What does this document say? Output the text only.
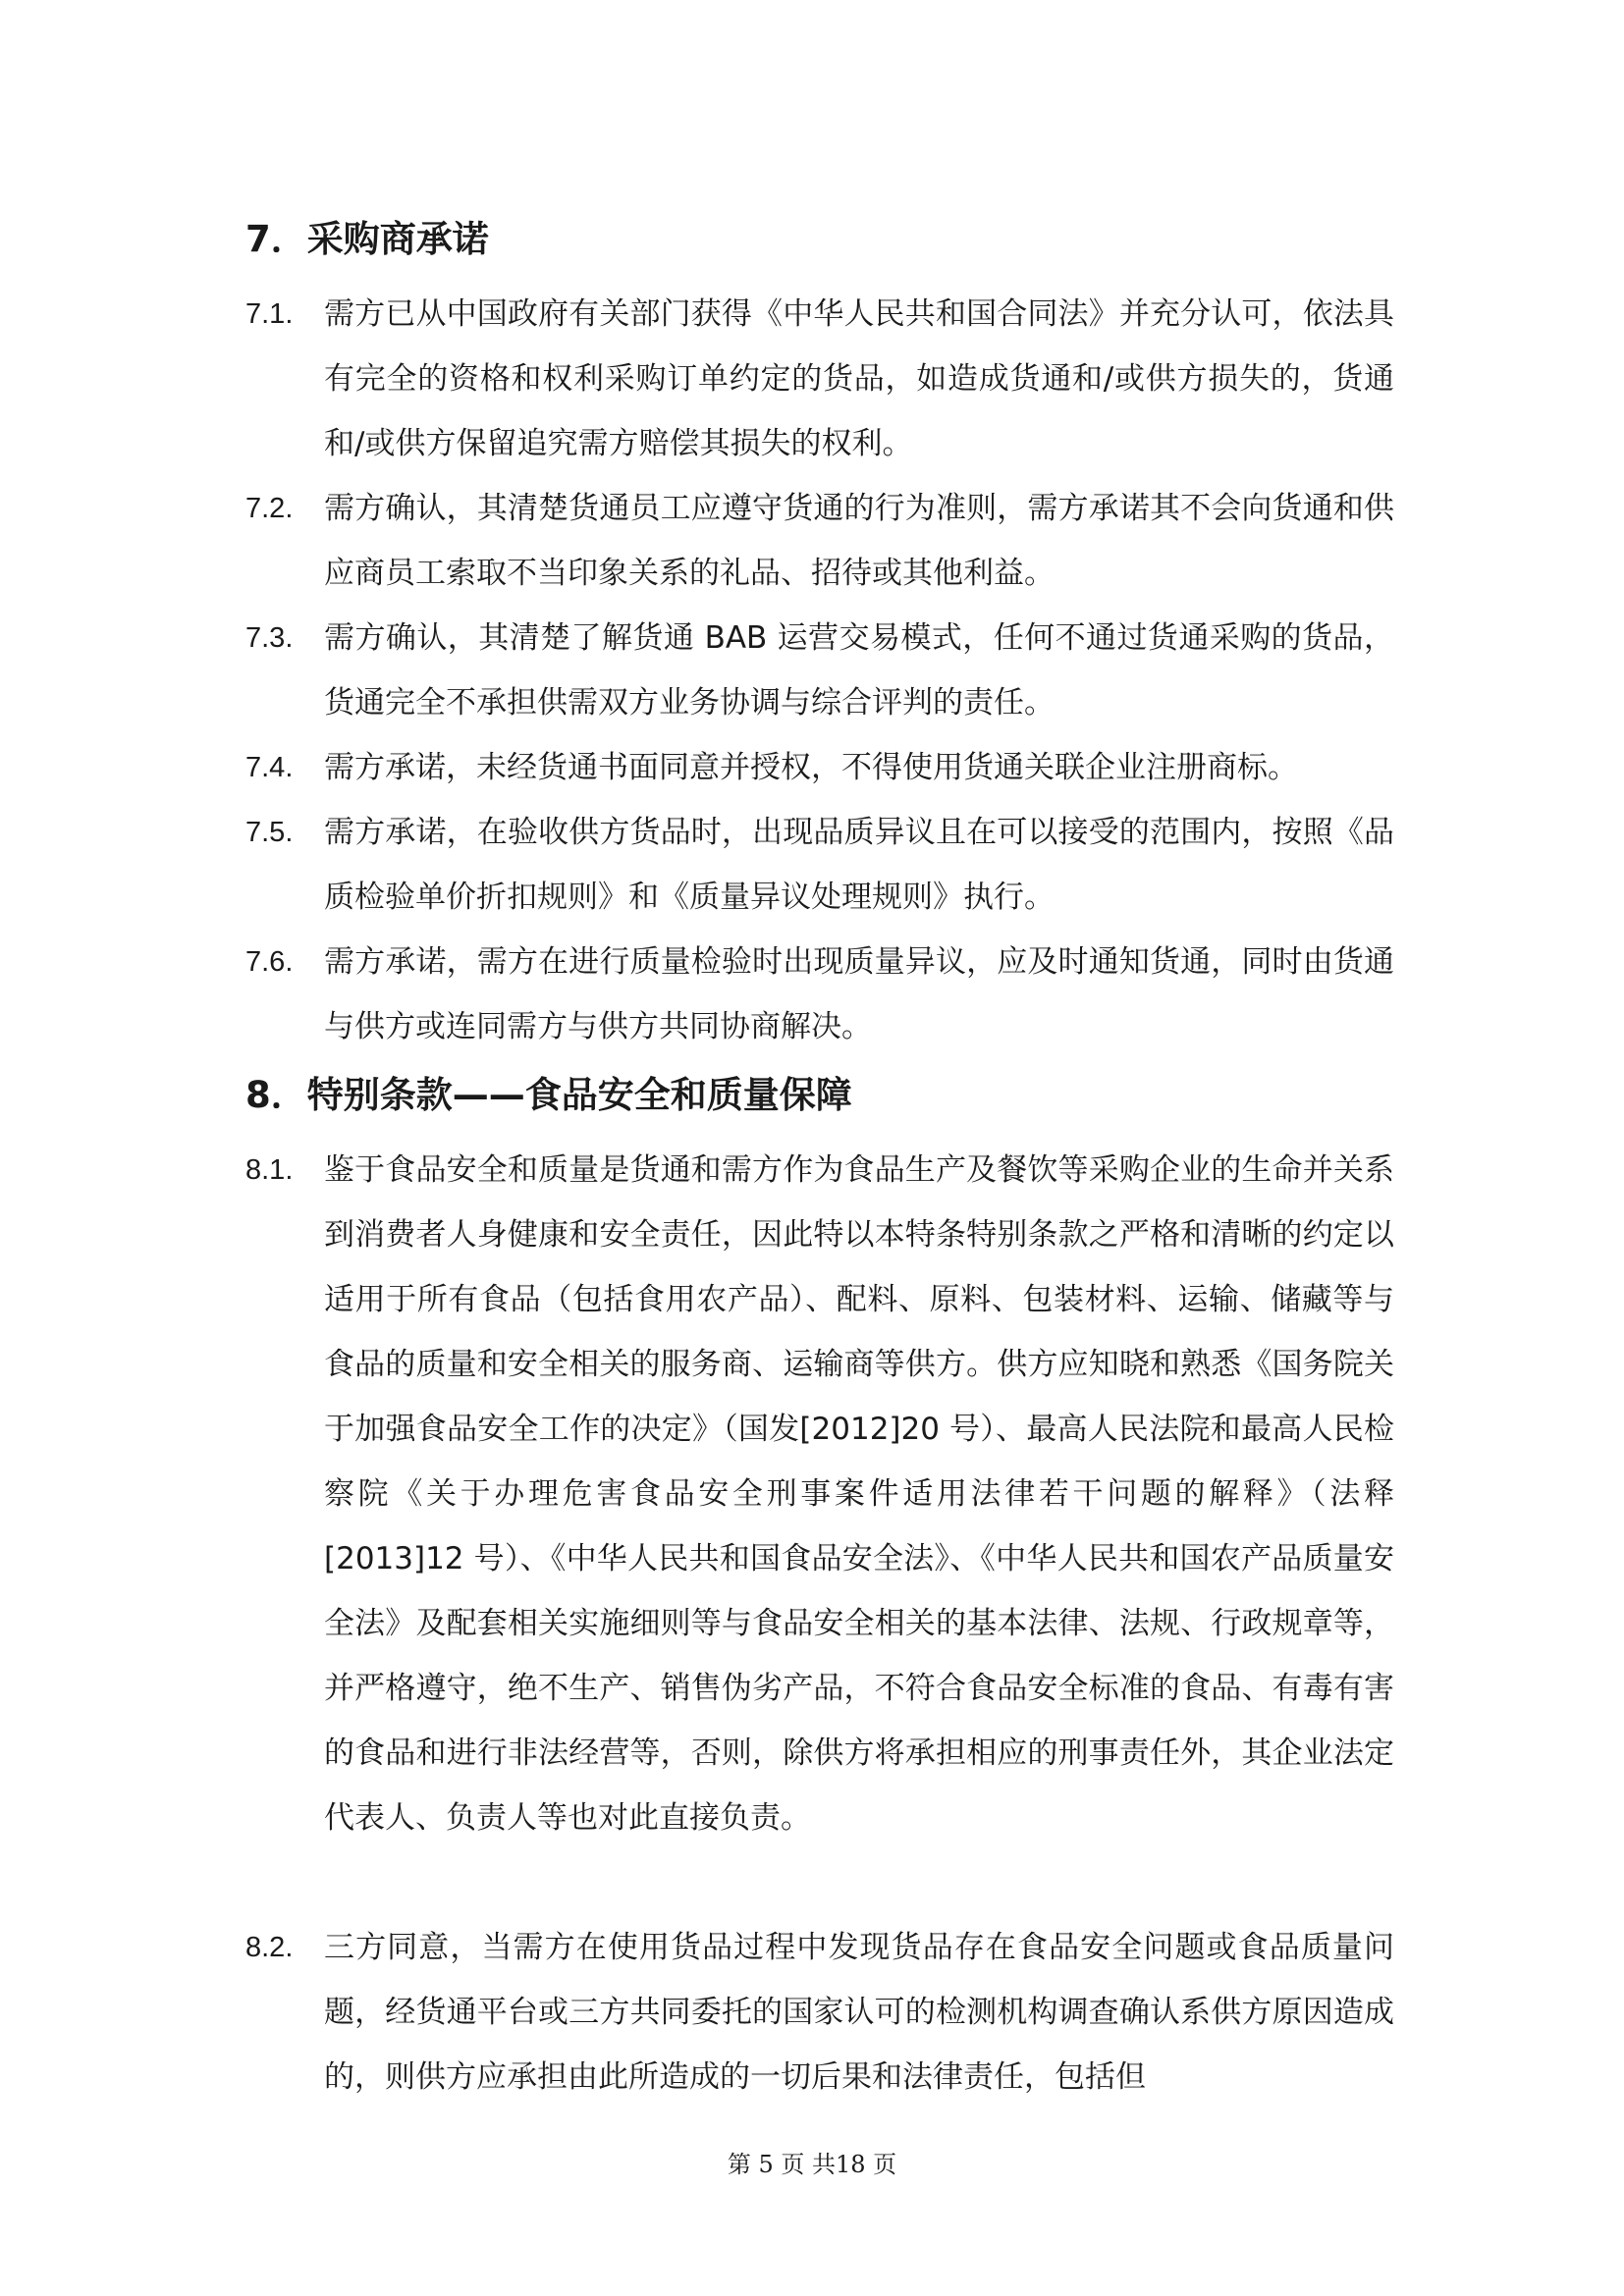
7．采购商承诺
7.1.	需方已从中国政府有关部门获得《中华人民共和国合同法》并充分认可，依法具有完全的资格和权利采购订单约定的货品，如造成货通和/或供方损失的，货通和/或供方保留追究需方赔偿其损失的权利。

7.2.	需方确认，其清楚货通员工应遵守货通的行为准则，需方承诺其不会向货通和供应商员工索取不当印象关系的礼品、招待或其他利益。

7.3.	需方确认，其清楚了解货通 BAB 运营交易模式，任何不通过货通采购的货品，货通完全不承担供需双方业务协调与综合评判的责任。

7.4.	需方承诺，未经货通书面同意并授权，不得使用货通关联企业注册商标。

7.5.	需方承诺，在验收供方货品时，出现品质异议且在可以接受的范围内，按照《品质检验单价折扣规则》和《质量异议处理规则》执行。

7.6.	需方承诺，需方在进行质量检验时出现质量异议，应及时通知货通，同时由货通与供方或连同需方与供方共同协商解决。

8．特别条款——食品安全和质量保障
8.1.	鉴于食品安全和质量是货通和需方作为食品生产及餐饮等采购企业的生命并关系到消费者人身健康和安全责任，因此特以本特条特别条款之严格和清晰的约定以适用于所有食品（包括食用农产品）、配料、原料、包装材料、运输、储藏等与食品的质量和安全相关的服务商、运输商等供方。供方应知晓和熟悉《国务院关于加强食品安全工作的决定》（国发[2012]20 号）、最高人民法院和最高人民检察院《关于办理危害食品安全刑事案件适用法律若干问题的解释》（法释[2013]12 号）、《中华人民共和国食品安全法》、《中华人民共和国农产品质量安全法》及配套相关实施细则等与食品安全相关的基本法律、法规、行政规章等，并严格遵守，绝不生产、销售伪劣产品，不符合食品安全标准的食品、有毒有害的食品和进行非法经营等，否则，除供方将承担相应的刑事责任外，其企业法定代表人、负责人等也对此直接负责。

8.2.	三方同意，当需方在使用货品过程中发现货品存在食品安全问题或食品质量问题，经货通平台或三方共同委托的国家认可的检测机构调查确认系供方原因造成的，则供方应承担由此所造成的一切后果和法律责任，包括但

第 5 页 共18 页
